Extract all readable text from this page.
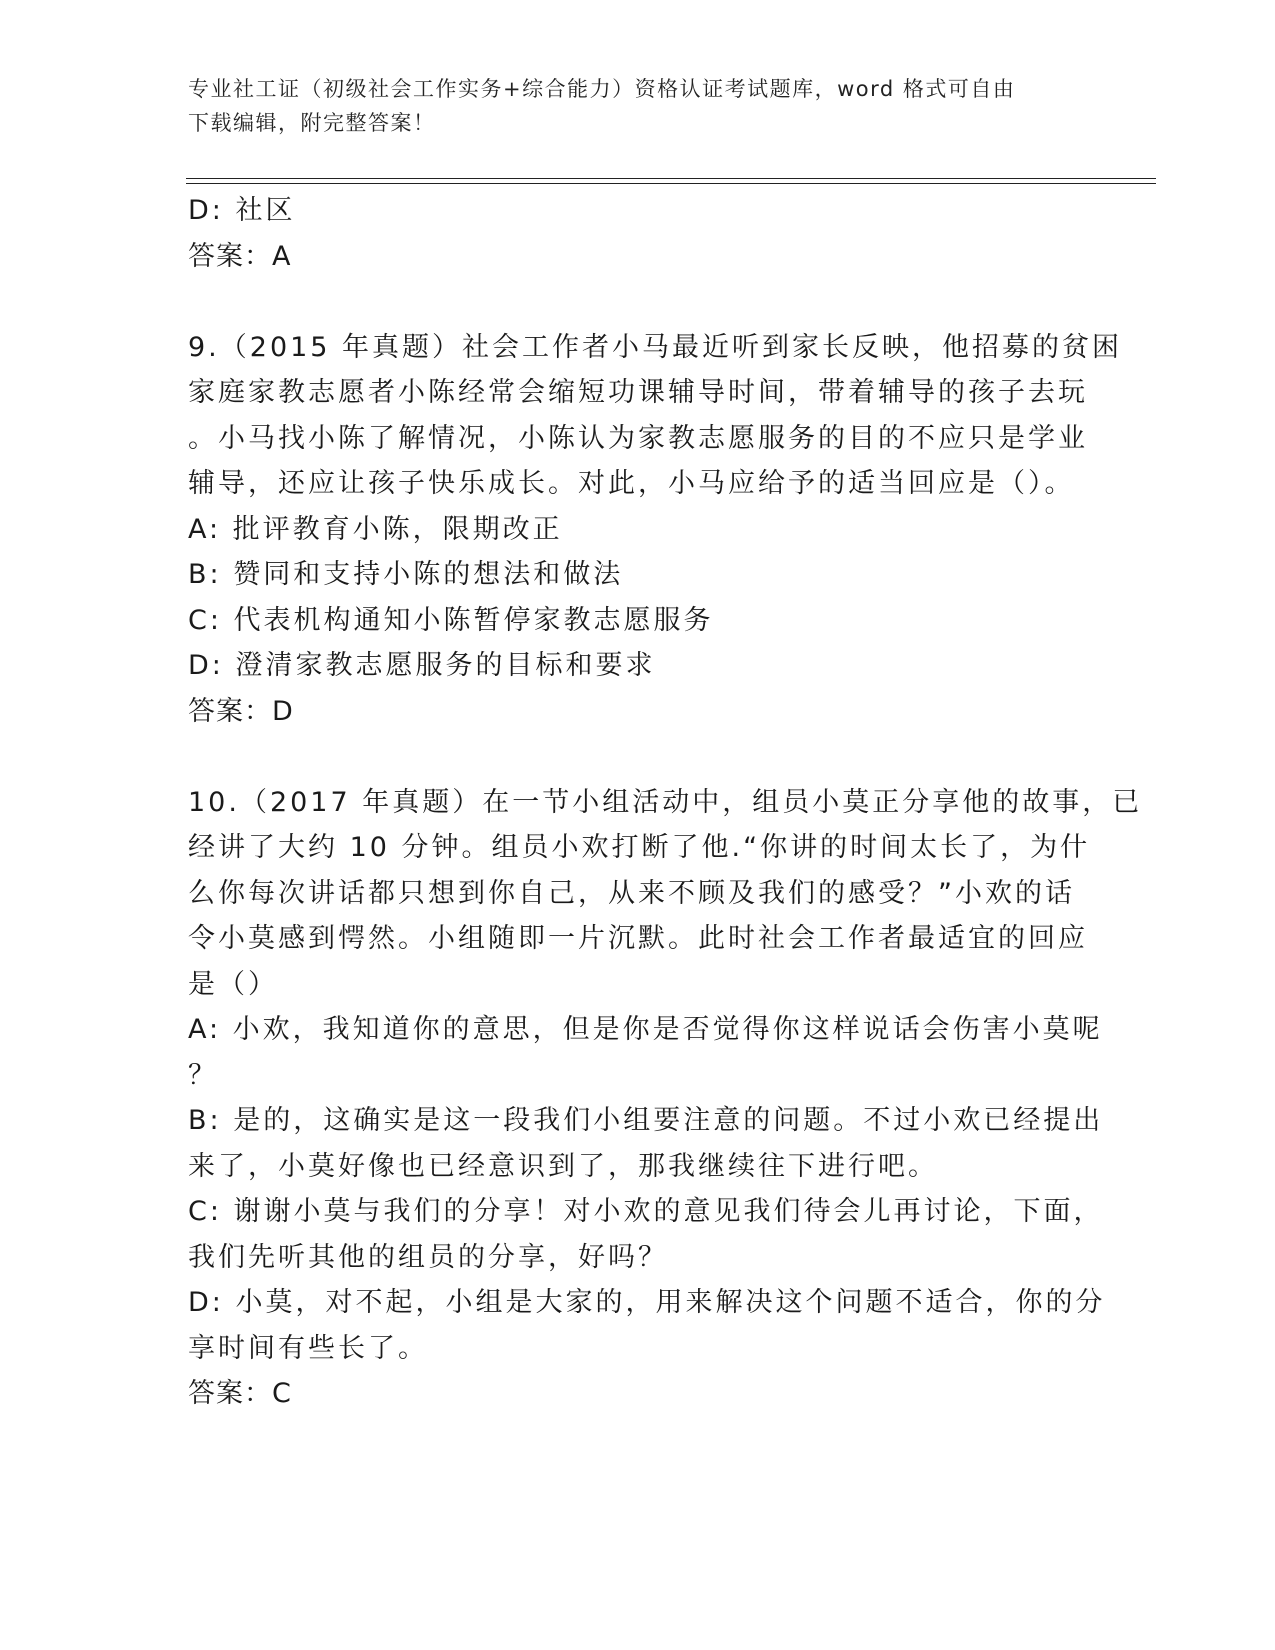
专业社工证（初级社会工作实务+综合能力）资格认证考试题库，word 格式可自由
下载编辑，附完整答案！
D: 社区
答案：A
9.（2015 年真题）社会工作者小马最近听到家长反映，他招募的贫困
家庭家教志愿者小陈经常会缩短功课辅导时间，带着辅导的孩子去玩
。小马找小陈了解情况，小陈认为家教志愿服务的目的不应只是学业
辅导，还应让孩子快乐成长。对此，小马应给予的适当回应是（）。
A: 批评教育小陈，限期改正
B: 赞同和支持小陈的想法和做法
C: 代表机构通知小陈暂停家教志愿服务
D: 澄清家教志愿服务的目标和要求
答案：D
10.（2017 年真题）在一节小组活动中，组员小莫正分享他的故事，已
经讲了大约 10 分钟。组员小欢打断了他.“你讲的时间太长了，为什
么你每次讲话都只想到你自己，从来不顾及我们的感受？”小欢的话
令小莫感到愕然。小组随即一片沉默。此时社会工作者最适宜的回应
是（）
A: 小欢，我知道你的意思，但是你是否觉得你这样说话会伤害小莫呢
？
B: 是的，这确实是这一段我们小组要注意的问题。不过小欢已经提出
来了，小莫好像也已经意识到了，那我继续往下进行吧。
C: 谢谢小莫与我们的分享！对小欢的意见我们待会儿再讨论，下面，
我们先听其他的组员的分享，好吗？
D: 小莫，对不起，小组是大家的，用来解决这个问题不适合，你的分
享时间有些长了。
答案：C
